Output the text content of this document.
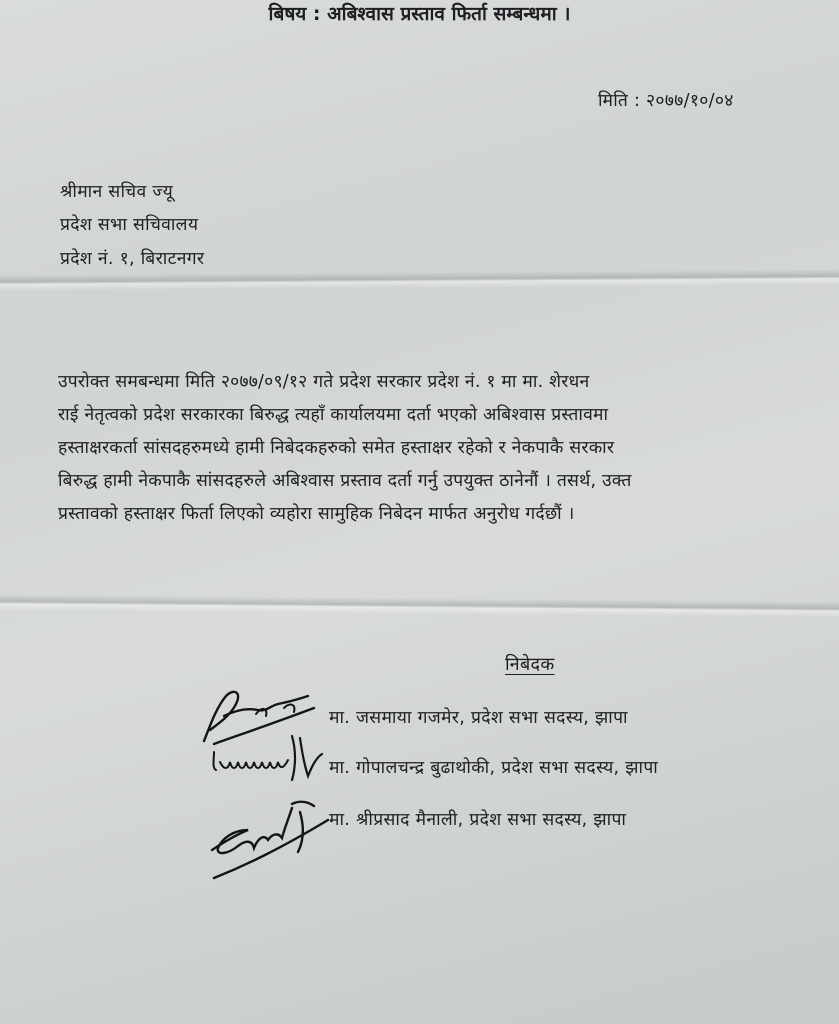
मिति : २०७७/१०/०४
श्रीमान सचिव ज्यू
प्रदेश सभा सचिवालय
प्रदेश नं. १, बिराटनगर
बिषय : अबिश्वास प्रस्ताव फिर्ता सम्बन्धमा ।
उपरोक्त समबन्धमा मिति २०७७/०९/१२ गते प्रदेश सरकार प्रदेश नं. १ मा मा. शेरधन
राई नेतृत्वको प्रदेश सरकारका बिरुद्ध त्यहाँ कार्यालयमा दर्ता भएको अबिश्वास प्रस्तावमा
हस्ताक्षरकर्ता सांसदहरुमध्ये हामी निबेदकहरुको समेत हस्ताक्षर रहेको र नेकपाकै सरकार
बिरुद्ध हामी नेकपाकै सांसदहरुले अबिश्वास प्रस्ताव दर्ता गर्नु उपयुक्त ठानेनौं । तसर्थ, उक्त
प्रस्तावको हस्ताक्षर फिर्ता लिएको व्यहोरा सामुहिक निबेदन मार्फत अनुरोध गर्दछौं ।
निबेदक
मा. जसमाया गजमेर, प्रदेश सभा सदस्य, झापा
मा. गोपालचन्द्र बुढाथोकी, प्रदेश सभा सदस्य, झापा
मा. श्रीप्रसाद मैनाली, प्रदेश सभा सदस्य, झापा
